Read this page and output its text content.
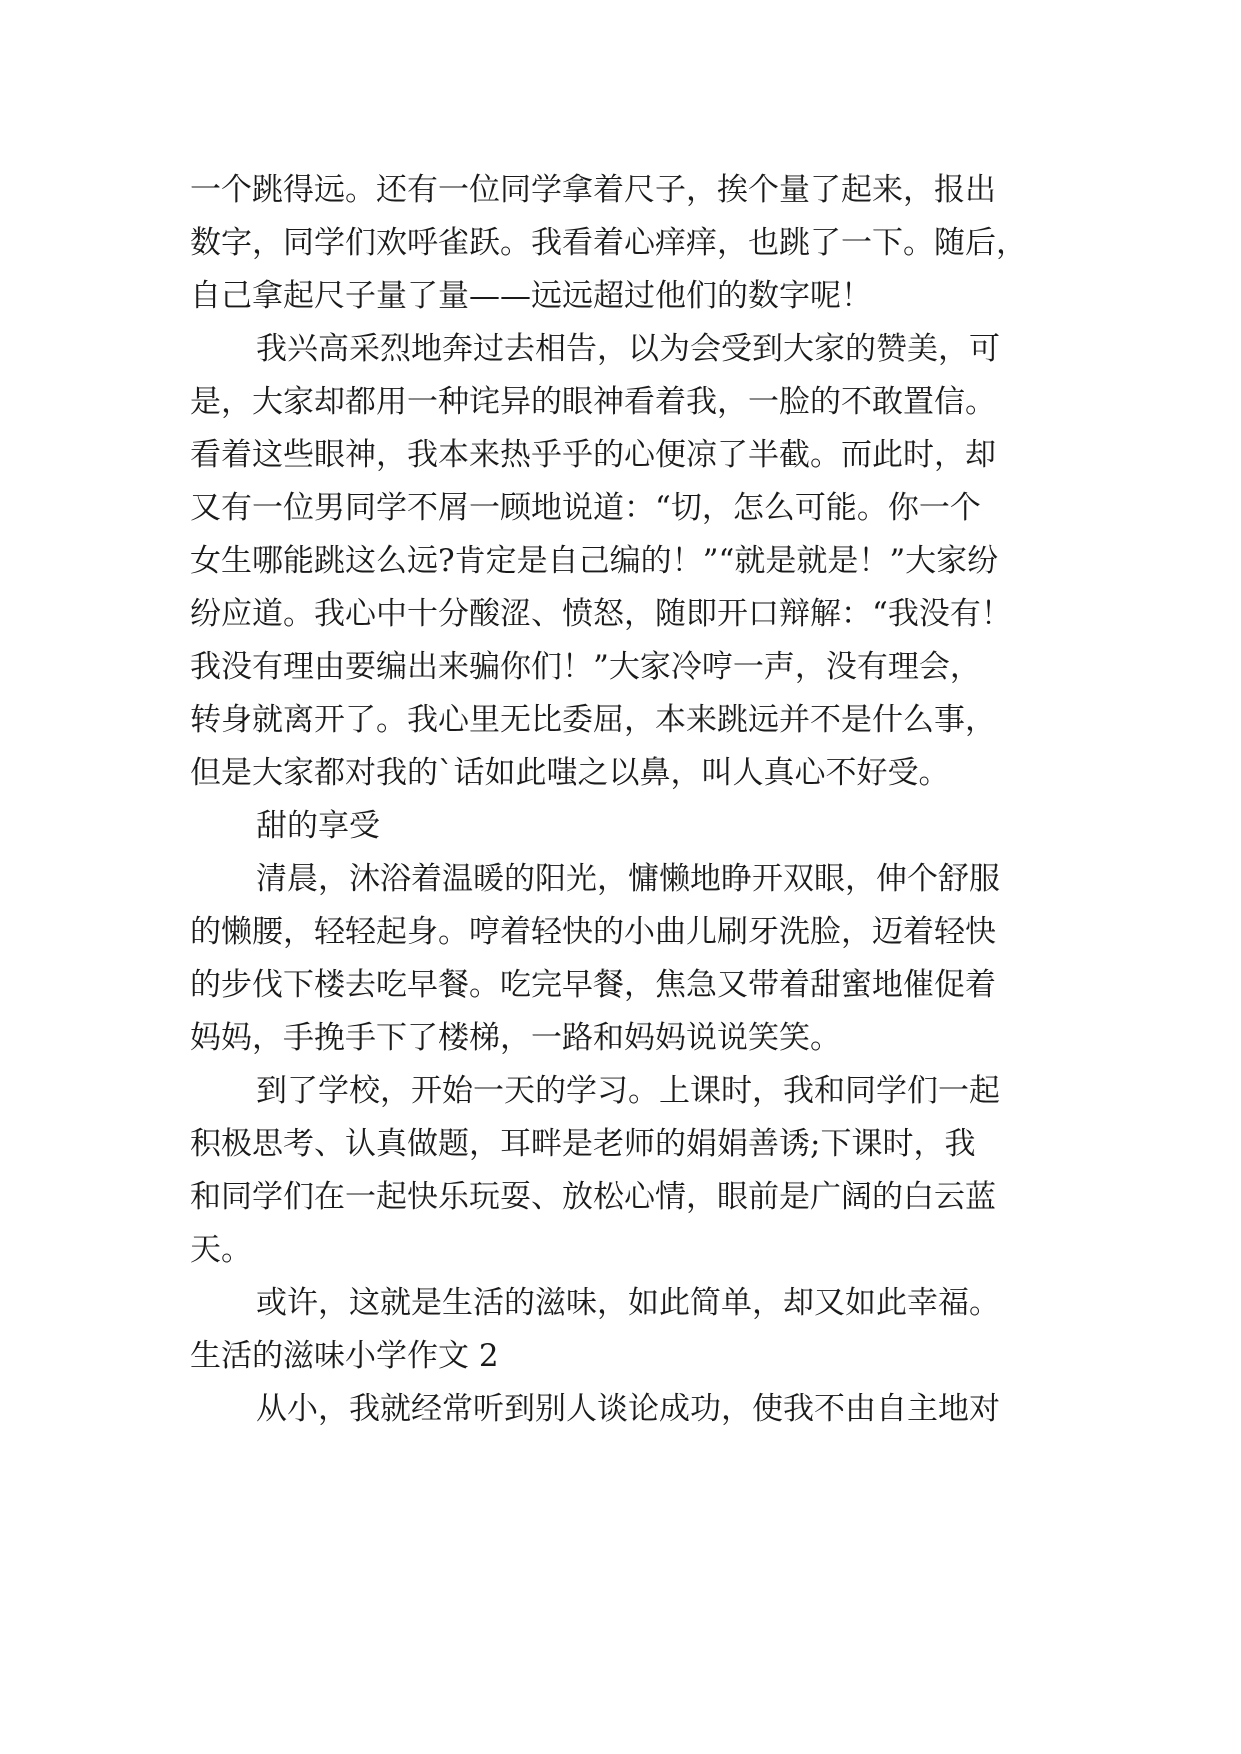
一个跳得远。还有一位同学拿着尺子，挨个量了起来，报出
数字，同学们欢呼雀跃。我看着心痒痒，也跳了一下。随后，
自己拿起尺子量了量——远远超过他们的数字呢！
我兴高采烈地奔过去相告，以为会受到大家的赞美，可
是，大家却都用一种诧异的眼神看着我，一脸的不敢置信。
看着这些眼神，我本来热乎乎的心便凉了半截。而此时，却
又有一位男同学不屑一顾地说道：“切，怎么可能。你一个
女生哪能跳这么远?肯定是自己编的！”“就是就是！”大家纷
纷应道。我心中十分酸涩、愤怒，随即开口辩解：“我没有！
我没有理由要编出来骗你们！”大家冷哼一声，没有理会，
转身就离开了。我心里无比委屈，本来跳远并不是什么事，
但是大家都对我的`话如此嗤之以鼻，叫人真心不好受。
甜的享受
清晨，沐浴着温暖的阳光，慵懒地睁开双眼，伸个舒服
的懒腰，轻轻起身。哼着轻快的小曲儿刷牙洗脸，迈着轻快
的步伐下楼去吃早餐。吃完早餐，焦急又带着甜蜜地催促着
妈妈，手挽手下了楼梯，一路和妈妈说说笑笑。
到了学校，开始一天的学习。上课时，我和同学们一起
积极思考、认真做题，耳畔是老师的娟娟善诱;下课时，我
和同学们在一起快乐玩耍、放松心情，眼前是广阔的白云蓝
天。
或许，这就是生活的滋味，如此简单，却又如此幸福。
生活的滋味小学作文 2
从小，我就经常听到别人谈论成功，使我不由自主地对
